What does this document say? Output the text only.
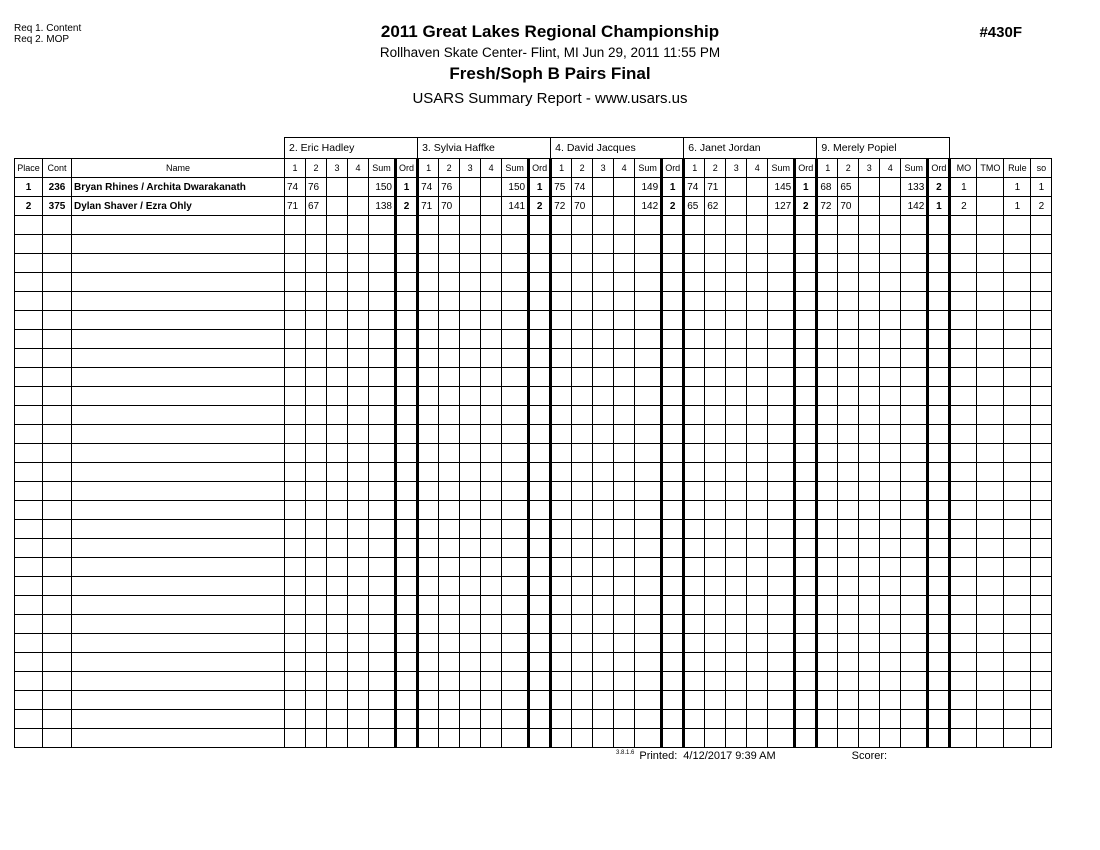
Req 1. Content
Req 2. MOP	2011 Great Lakes Regional Championship	#430F
Rollhaven Skate Center- Flint, MI Jun 29, 2011 11:55 PM
Fresh/Soph B Pairs Final
USARS Summary Report - www.usars.us
			2. Eric Hadley						3. Sylvia Haffke						4. David Jacques						6. Janet Jordan						9. Merely Popiel									
Place	Cont	Name	1	2	3	4	Sum	Ord	1	2	3	4	Sum	Ord	1	2	3	4	Sum	Ord	1	2	3	4	Sum	Ord	1	2	3	4	Sum	Ord	MO	TMO	Rule	so
1	236	Bryan Rhines / Archita Dwarakanath	74	76			150	1	74	76			150	1	75	74			149	1	74	71			145	1	68	65			133	2	1		1	1
2	375	Dylan Shaver / Ezra Ohly	71	67			138	2	71	70			141	2	72	70			142	2	65	62			127	2	72	70			142	1	2		1	2

$^{3.8.1.6}$ Printed: 4/12/2017 9:39 AM	Scorer:
